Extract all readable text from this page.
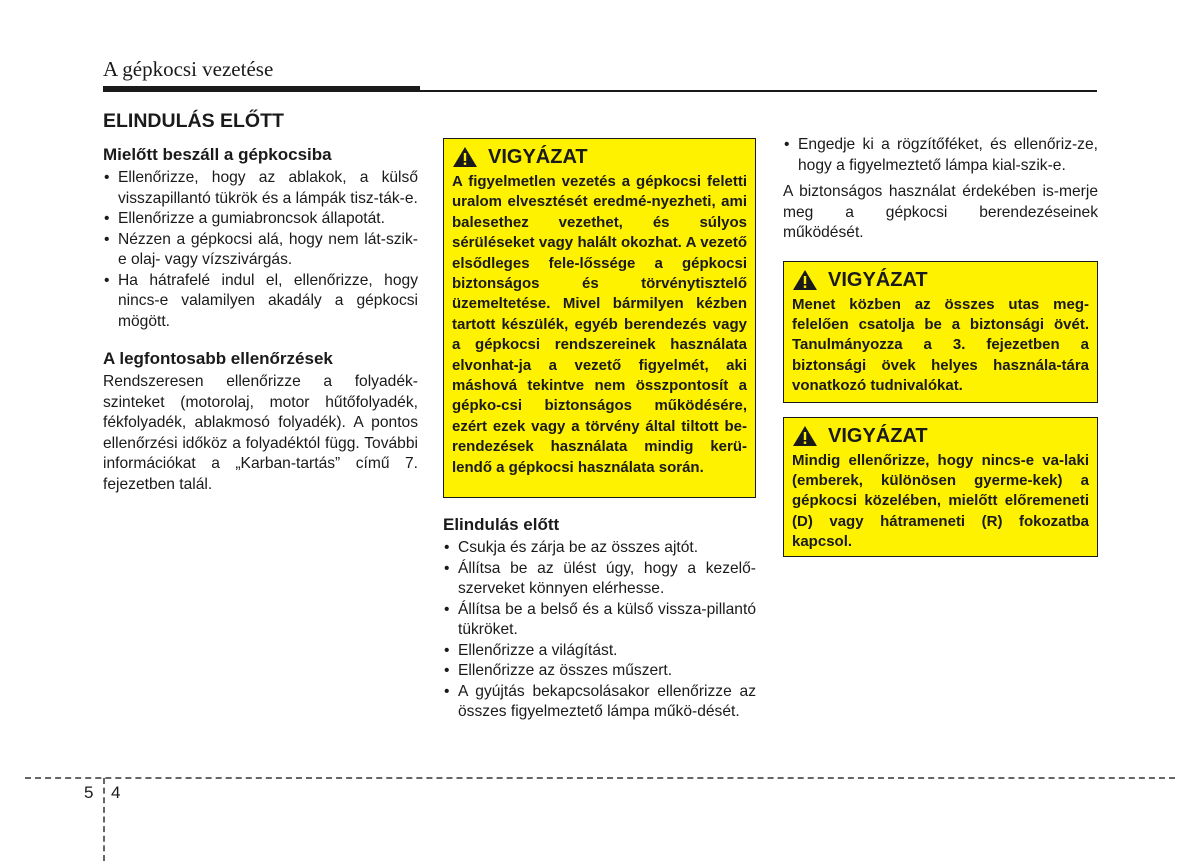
A gépkocsi vezetése
ELINDULÁS ELŐTT
Mielőtt beszáll a gépkocsiba
• Ellenőrizze, hogy az ablakok, a külső visszapillantó tükrök és a lámpák tisz-ták-e.
• Ellenőrizze a gumiabroncsok állapotát.
• Nézzen a gépkocsi alá, hogy nem lát-szik-e olaj- vagy vízszivárgás.
• Ha hátrafelé indul el, ellenőrizze, hogy nincs-e valamilyen akadály a gépkocsi mögött.
A legfontosabb ellenőrzések

Rendszeresen ellenőrizze a folyadék-szinteket (motorolaj, motor hűtőfolyadék, fékfolyadék, ablakmosó folyadék). A pontos ellenőrzési időköz a folyadéktól függ. További információkat a „Karban-tartás” című 7. fejezetben talál.

VIGYÁZAT
A figyelmetlen vezetés a gépkocsi feletti uralom elvesztését eredmé-nyezheti, ami balesethez vezethet, és súlyos sérüléseket vagy halált okozhat. A vezető elsődleges fele-lőssége a gépkocsi biztonságos és törvénytisztelő üzemeltetése. Mivel bármilyen kézben tartott készülék, egyéb berendezés vagy a gépkocsi rendszereinek használata elvonhat-ja a vezető figyelmét, aki máshová tekintve nem összpontosít a gépko-csi biztonságos működésére, ezért ezek vagy a törvény által tiltott be-rendezések használata mindig kerü-lendő a gépkocsi használata során.
Elindulás előtt
• Csukja és zárja be az összes ajtót.
• Állítsa be az ülést úgy, hogy a kezelő-szerveket könnyen elérhesse.
• Állítsa be a belső és a külső vissza-pillantó tükröket.
• Ellenőrizze a világítást.
• Ellenőrizze az összes műszert.
• A gyújtás bekapcsolásakor ellenőrizze az összes figyelmeztető lámpa műkö-dését.
• Engedje ki a rögzítőféket, és ellenőriz-ze, hogy a figyelmeztető lámpa kial-szik-e.

A biztonságos használat érdekében is-merje meg a gépkocsi berendezéseinek működését.

VIGYÁZAT
Menet közben az összes utas meg-felelően csatolja be a biztonsági övét. Tanulmányozza a 3. fejezetben a biztonsági övek helyes használa-tára vonatkozó tudnivalókat.
VIGYÁZAT
Mindig ellenőrizze, hogy nincs-e va-laki (emberek, különösen gyerme-kek) a gépkocsi közelében, mielőtt előremeneti (D) vagy hátrameneti (R) fokozatba kapcsol.
5 4
